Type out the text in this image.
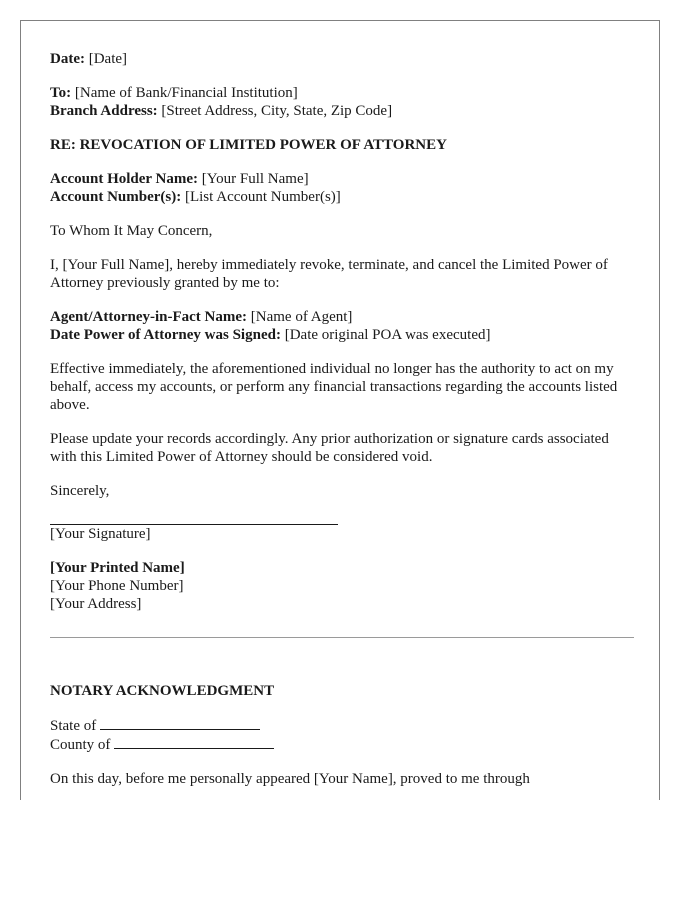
Date: [Date]

To: [Name of Bank/Financial Institution]

Branch Address: [Street Address, City, State, Zip Code]

RE: REVOCATION OF LIMITED POWER OF ATTORNEY

Account Holder Name: [Your Full Name]

Account Number(s): [List Account Number(s)]

To Whom It May Concern,

I, [Your Full Name], hereby immediately revoke, terminate, and cancel the Limited Power of Attorney previously granted by me to:

Agent/Attorney-in-Fact Name: [Name of Agent]

Date Power of Attorney was Signed: [Date original POA was executed]

Effective immediately, the aforementioned individual no longer has the authority to act on my behalf, access my accounts, or perform any financial transactions regarding the accounts listed above.

Please update your records accordingly. Any prior authorization or signature cards associated with this Limited Power of Attorney should be considered void.

Sincerely,

[Your Signature]

[Your Printed Name]

[Your Phone Number]

[Your Address]

NOTARY ACKNOWLEDGMENT

State of

County of

On this day, before me personally appeared [Your Name], proved to me through
